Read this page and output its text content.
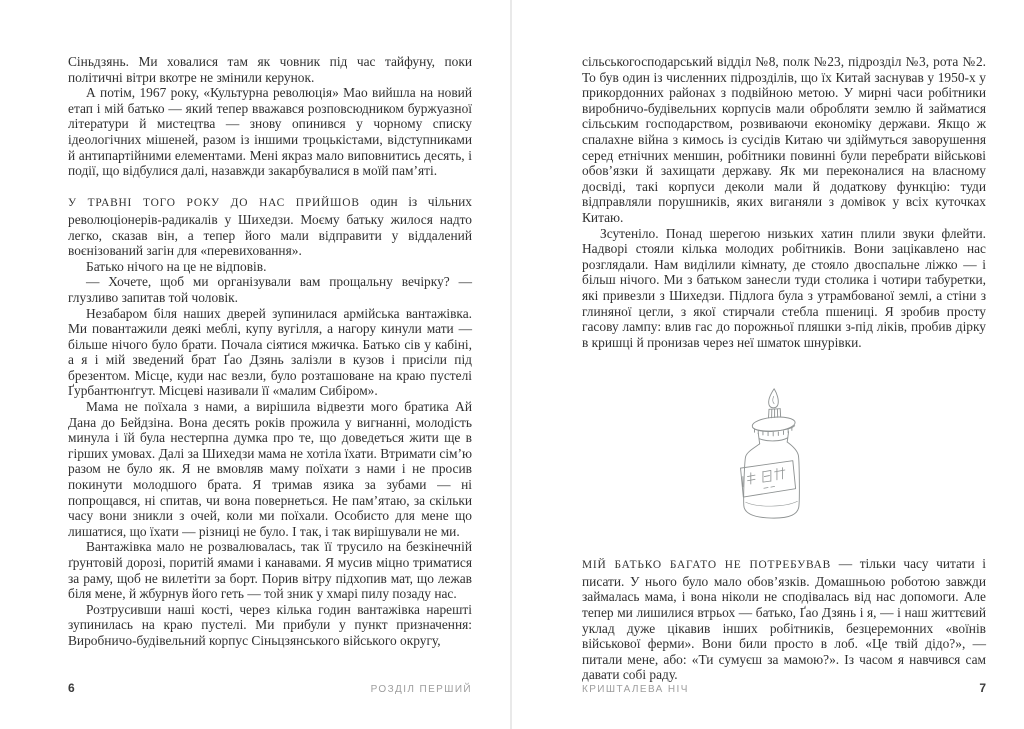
Сіньдзянь. Ми ховалися там як човник під час тайфуну, поки політичні вітри вкотре не змінили керунок.

А потім, 1967 року, «Культурна революція» Мао вийшла на новий етап і мій батько — який тепер вважався розповсюдником буржуазної літератури й мистецтва — знову опинився у чорному списку ідеологічних мішеней, разом із іншими троцькістами, відступниками й антипартійними елементами. Мені якраз мало виповнитись десять, і події, що відбулися далі, назавжди закарбувалися в моїй пам’яті.

У ТРАВНІ ТОГО РОКУ ДО НАС ПРИЙШОВ один із чільних революціонерів-радикалів у Шихедзи. Моєму батьку жилося надто легко, сказав він, а тепер його мали відправити у віддалений воєнізований загін для «перевиховання».

Батько нічого на це не відповів.

— Хочете, щоб ми організували вам прощальну вечірку? — глузливо запитав той чоловік.

Незабаром біля наших дверей зупинилася армійська вантажівка. Ми повантажили деякі меблі, купу вугілля, а нагору кинули мати — більше нічого було брати. Почала сіятися мжичка. Батько сів у кабіні, а я і мій зведений брат Ґао Дзянь залізли в кузов і присіли під брезентом. Місце, куди нас везли, було розташоване на краю пустелі Ґурбантюнґгут. Місцеві називали її «малим Сибіром».

Мама не поїхала з нами, а вирішила відвезти мого братика Ай Дана до Бейдзіна. Вона десять років прожила у вигнанні, молодість минула і їй була нестерпна думка про те, що доведеться жити ще в гірших умовах. Далі за Шихедзи мама не хотіла їхати. Втримати сім’ю разом не було як. Я не вмовляв маму поїхати з нами і не просив покинути молодшого брата. Я тримав язика за зубами — ні попрощався, ні спитав, чи вона повернеться. Не пам’ятаю, за скільки часу вони зникли з очей, коли ми поїхали. Особисто для мене що лишатися, що їхати — різниці не було. І так, і так вирішували не ми.

Вантажівка мало не розвалювалась, так її трусило на безкінечній ґрунтовій дорозі, поритій ямами і канавами. Я мусив міцно триматися за раму, щоб не вилетіти за борт. Порив вітру підхопив мат, що лежав біля мене, й жбурнув його геть — той зник у хмарі пилу позаду нас.

Розтрусивши наші кості, через кілька годин вантажівка нарешті зупинилась на краю пустелі. Ми прибули у пункт призначення: Виробничо-будівельний корпус Сіньцзянського війського округу,

сільськогосподарський відділ №8, полк №23, підрозділ №3, рота №2. То був один із численних підрозділів, що їх Китай заснував у 1950-х у прикордонних районах з подвійною метою. У мирні часи робітники виробничо-будівельних корпусів мали обробляти землю й займатися сільським господарством, розвиваючи економіку держави. Якщо ж спалахне війна з кимось із сусідів Китаю чи здіймуться заворушення серед етнічних меншин, робітники повинні були перебрати військові обов’язки й захищати державу. Як ми переконалися на власному досвіді, такі корпуси деколи мали й додаткову функцію: туди відправляли порушників, яких виганяли з домівок у всіх куточках Китаю.

Зсутеніло. Понад шерегою низьких хатин плили звуки флейти. Надворі стояли кілька молодих робітників. Вони зацікавлено нас розглядали. Нам виділили кімнату, де стояло двоспальне ліжко — і більш нічого. Ми з батьком занесли туди столика і чотири табуретки, які привезли з Шихедзи. Підлога була з утрамбованої землі, а стіни з глиняної цегли, з якої стирчали стебла пшениці. Я зробив просту гасову лампу: влив гас до порожньої пляшки з-під ліків, пробив дірку в кришці й пронизав через неї шматок шнурівки.

МІЙ БАТЬКО БАГАТО НЕ ПОТРЕБУВАВ — тільки часу читати і писати. У нього було мало обов’язків. Домашньою роботою завжди займалась мама, і вона ніколи не сподівалась від нас допомоги. Але тепер ми лишилися втрьох — батько, Ґао Дзянь і я, — і наш життєвий уклад дуже цікавив інших робітників, безцеремонних «воїнів військової ферми». Вони били просто в лоб. «Це твій дідо?», — питали мене, або: «Ти сумуєш за мамою?». Із часом я навчився сам давати собі раду.

6	РОЗДІЛ ПЕРШИЙ	КРИШТАЛЕВА НІЧ	7
